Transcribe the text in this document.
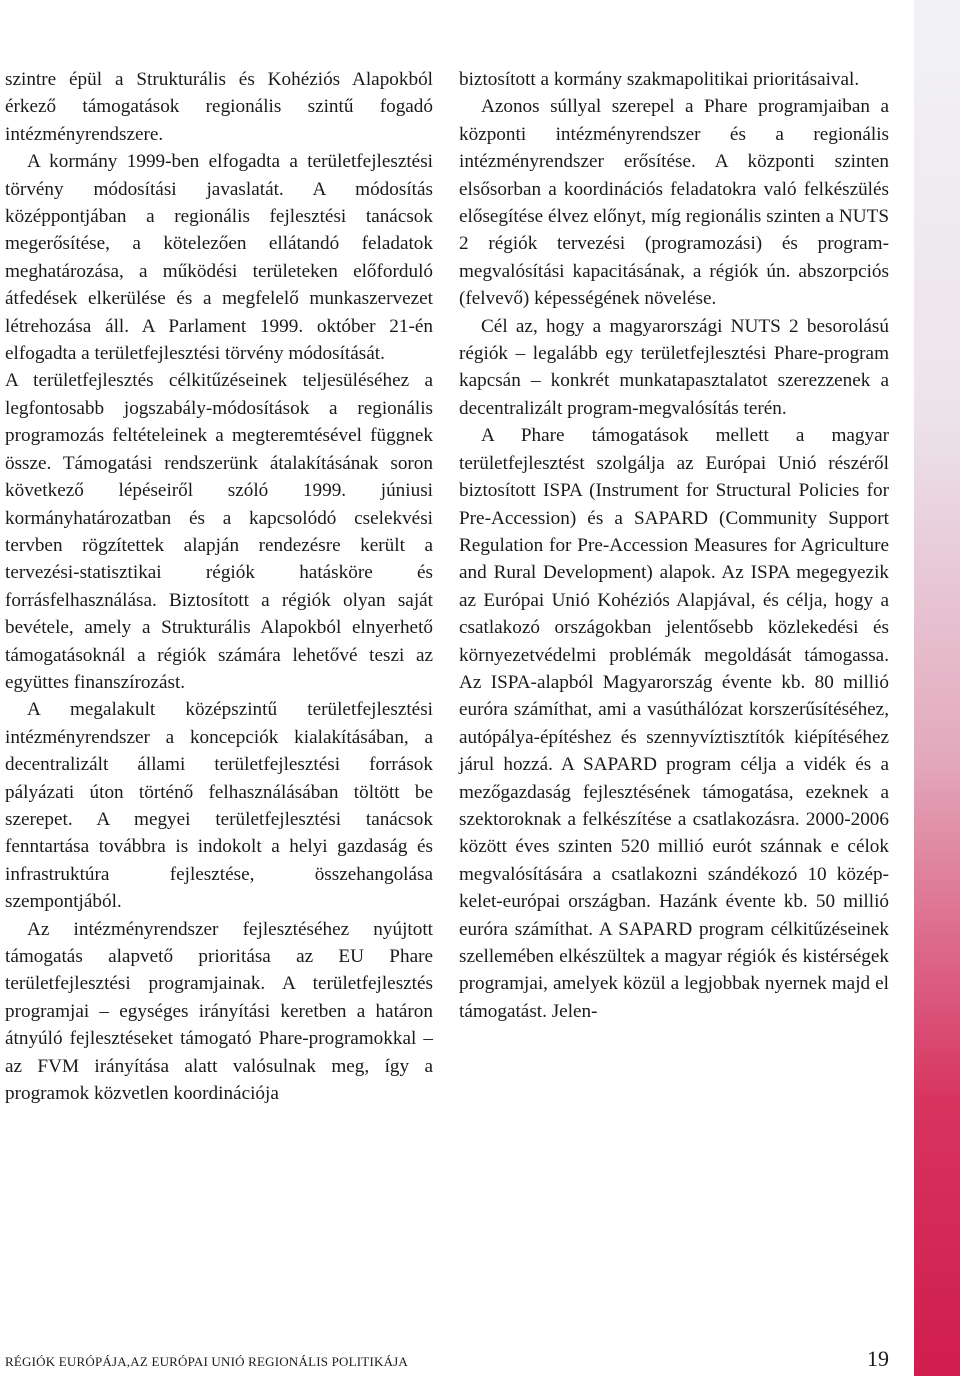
szintre épül a Strukturális és Kohéziós Alapokból érkező támogatások regionális szintű fogadó intézményrendszere.

A kormány 1999-ben elfogadta a területfejlesztési törvény módosítási javaslatát. A módosítás középpontjában a regionális fejlesztési tanácsok megerősítése, a kötelezően ellátandó feladatok meghatározása, a működési területeken előforduló átfedések elkerülése és a megfelelő munkaszervezet létrehozása áll. A Parlament 1999. október 21-én elfogadta a területfejlesztési törvény módosítását.

A területfejlesztés célkitűzéseinek teljesüléséhez a legfontosabb jogszabály-módosítások a regionális programozás feltételeinek a megteremtésével függnek össze. Támogatási rendszerünk átalakításának soron következő lépéseiről szóló 1999. júniusi kormányhatározatban és a kapcsolódó cselekvési tervben rögzítettek alapján rendezésre került a tervezési-statisztikai régiók hatásköre és forrásfelhasználása. Biztosított a régiók olyan saját bevétele, amely a Strukturális Alapokból elnyerhető támogatásoknál a régiók számára lehetővé teszi az együttes finanszírozást.

A megalakult középszintű területfejlesztési intézményrendszer a koncepciók kialakításában, a decentralizált állami területfejlesztési források pályázati úton történő felhasználásában töltött be szerepet. A megyei területfejlesztési tanácsok fenntartása továbbra is indokolt a helyi gazdaság és infrastruktúra fejlesztése, összehangolása szempontjából.

Az intézményrendszer fejlesztéséhez nyújtott támogatás alapvető prioritása az EU Phare területfejlesztési programjainak. A területfejlesztés programjai – egységes irányítási keretben a határon átnyúló fejlesztéseket támogató Phare-programokkal – az FVM irányítása alatt valósulnak meg, így a programok közvetlen koordinációja

biztosított a kormány szakmapolitikai prioritásaival.

Azonos súllyal szerepel a Phare programjaiban a központi intézményrendszer és a regionális intézményrendszer erősítése. A központi szinten elsősorban a koordinációs feladatokra való felkészülés elősegítése élvez előnyt, míg regionális szinten a NUTS 2 régiók tervezési (programozási) és program-megvalósítási kapacitásának, a régiók ún. abszorpciós (felvevő) képességének növelése.

Cél az, hogy a magyarországi NUTS 2 besorolású régiók – legalább egy területfejlesztési Phare-program kapcsán – konkrét munkatapasztalatot szerezzenek a decentralizált program-megvalósítás terén.

A Phare támogatások mellett a magyar területfejlesztést szolgálja az Európai Unió részéről biztosított ISPA (Instrument for Structural Policies for Pre-Accession) és a SAPARD (Community Support Regulation for Pre-Accession Measures for Agriculture and Rural Development) alapok. Az ISPA megegyezik az Európai Unió Kohéziós Alapjával, és célja, hogy a csatlakozó országokban jelentősebb közlekedési és környezetvédelmi problémák megoldását támogassa. Az ISPA-alapból Magyarország évente kb. 80 millió euróra számíthat, ami a vasúthálózat korszerűsítéséhez, autópálya-építéshez és szennyvíztisztítók kiépítéséhez járul hozzá. A SAPARD program célja a vidék és a mezőgazdaság fejlesztésének támogatása, ezeknek a szektoroknak a felkészítése a csatlakozásra. 2000-2006 között éves szinten 520 millió eurót szánnak e célok megvalósítására a csatlakozni szándékozó 10 közép-kelet-európai országban. Hazánk évente kb. 50 millió euróra számíthat. A SAPARD program célkitűzéseinek szellemében elkészültek a magyar régiók és kistérségek programjai, amelyek közül a legjobbak nyernek majd el támogatást. Jelen-

RÉGIÓK EURÓPÁJA,AZ EURÓPAI UNIÓ REGIONÁLIS POLITIKÁJA	19
